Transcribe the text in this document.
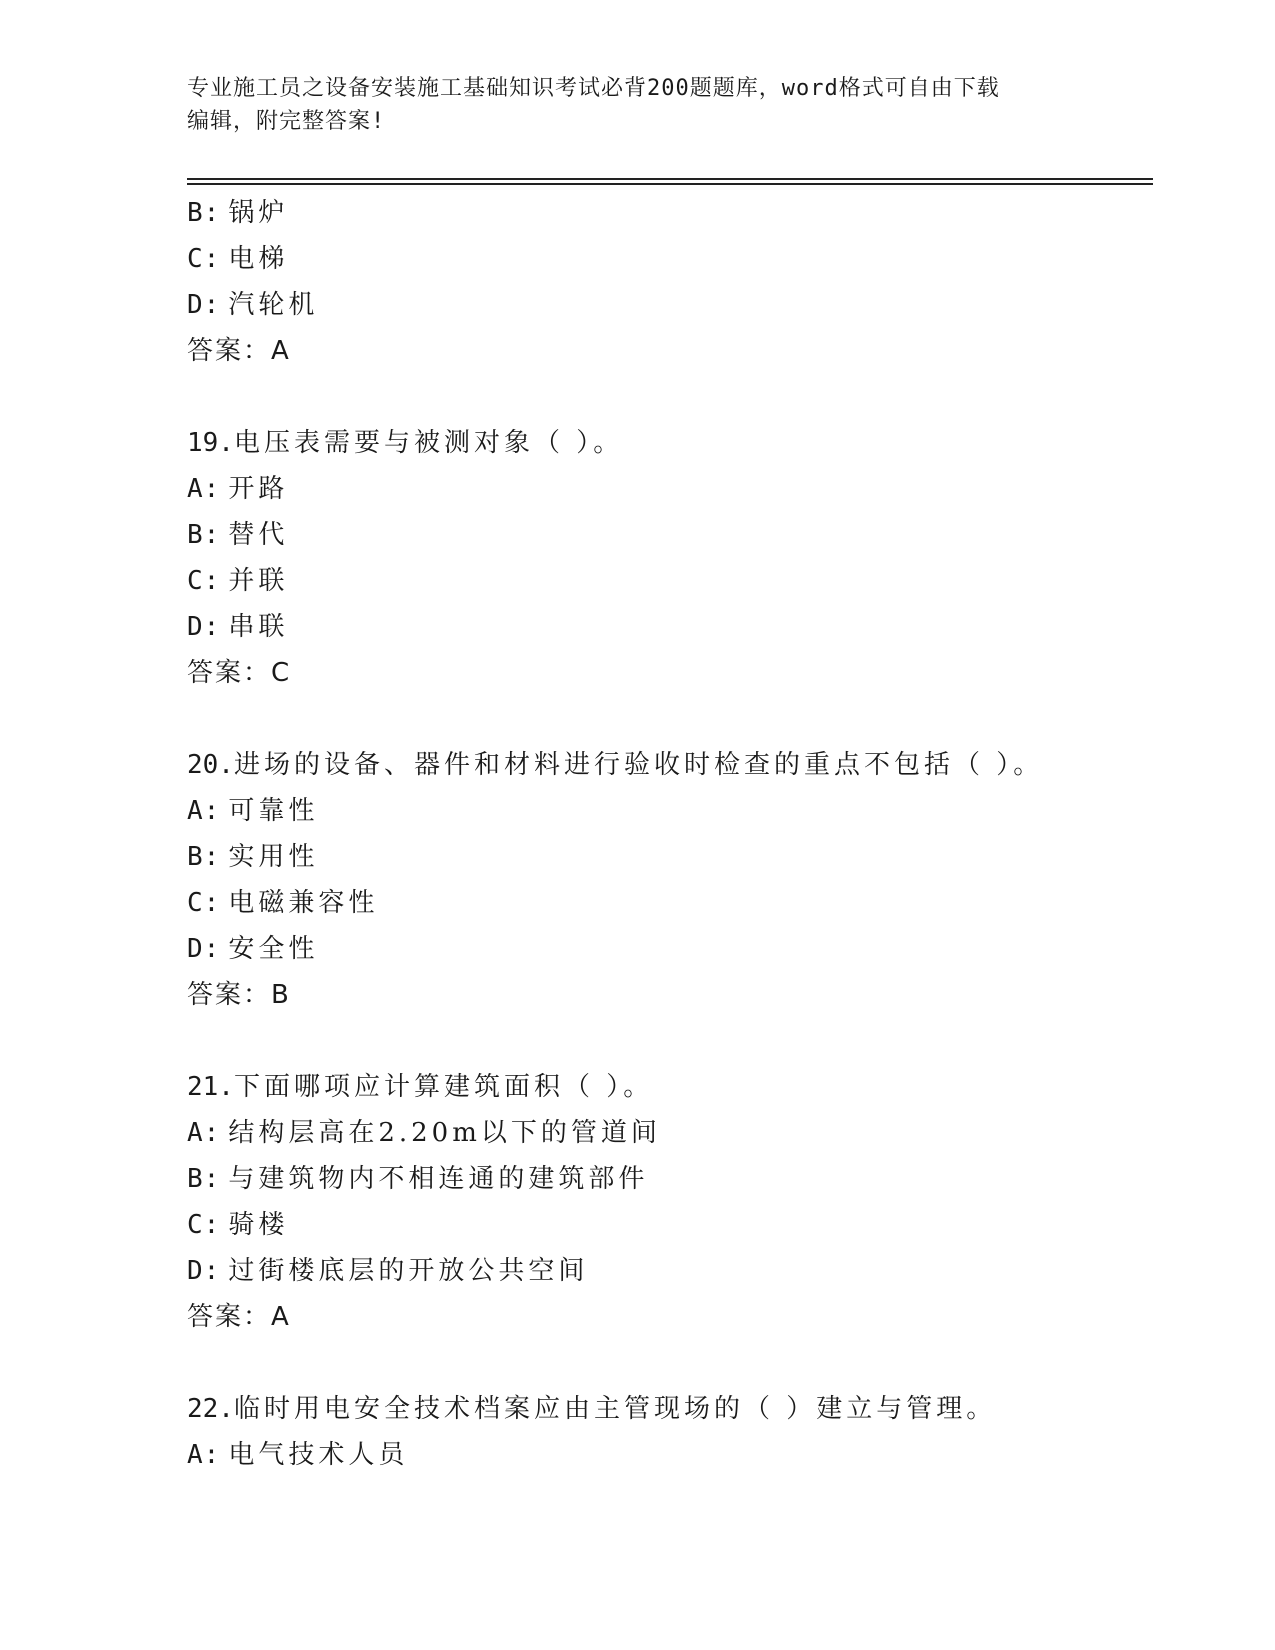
专业施工员之设备安装施工基础知识考试必背200题题库，word格式可自由下载
编辑，附完整答案!
B: 锅炉
C: 电梯
D: 汽轮机
答案：A
19.电压表需要与被测对象（ ）。
A: 开路
B: 替代
C: 并联
D: 串联
答案：C
20.进场的设备、器件和材料进行验收时检查的重点不包括（ ）。
A: 可靠性
B: 实用性
C: 电磁兼容性
D: 安全性
答案：B
21.下面哪项应计算建筑面积（ ）。
A: 结构层高在2.20m以下的管道间
B: 与建筑物内不相连通的建筑部件
C: 骑楼
D: 过街楼底层的开放公共空间
答案：A
22.临时用电安全技术档案应由主管现场的（ ）建立与管理。
A: 电气技术人员
